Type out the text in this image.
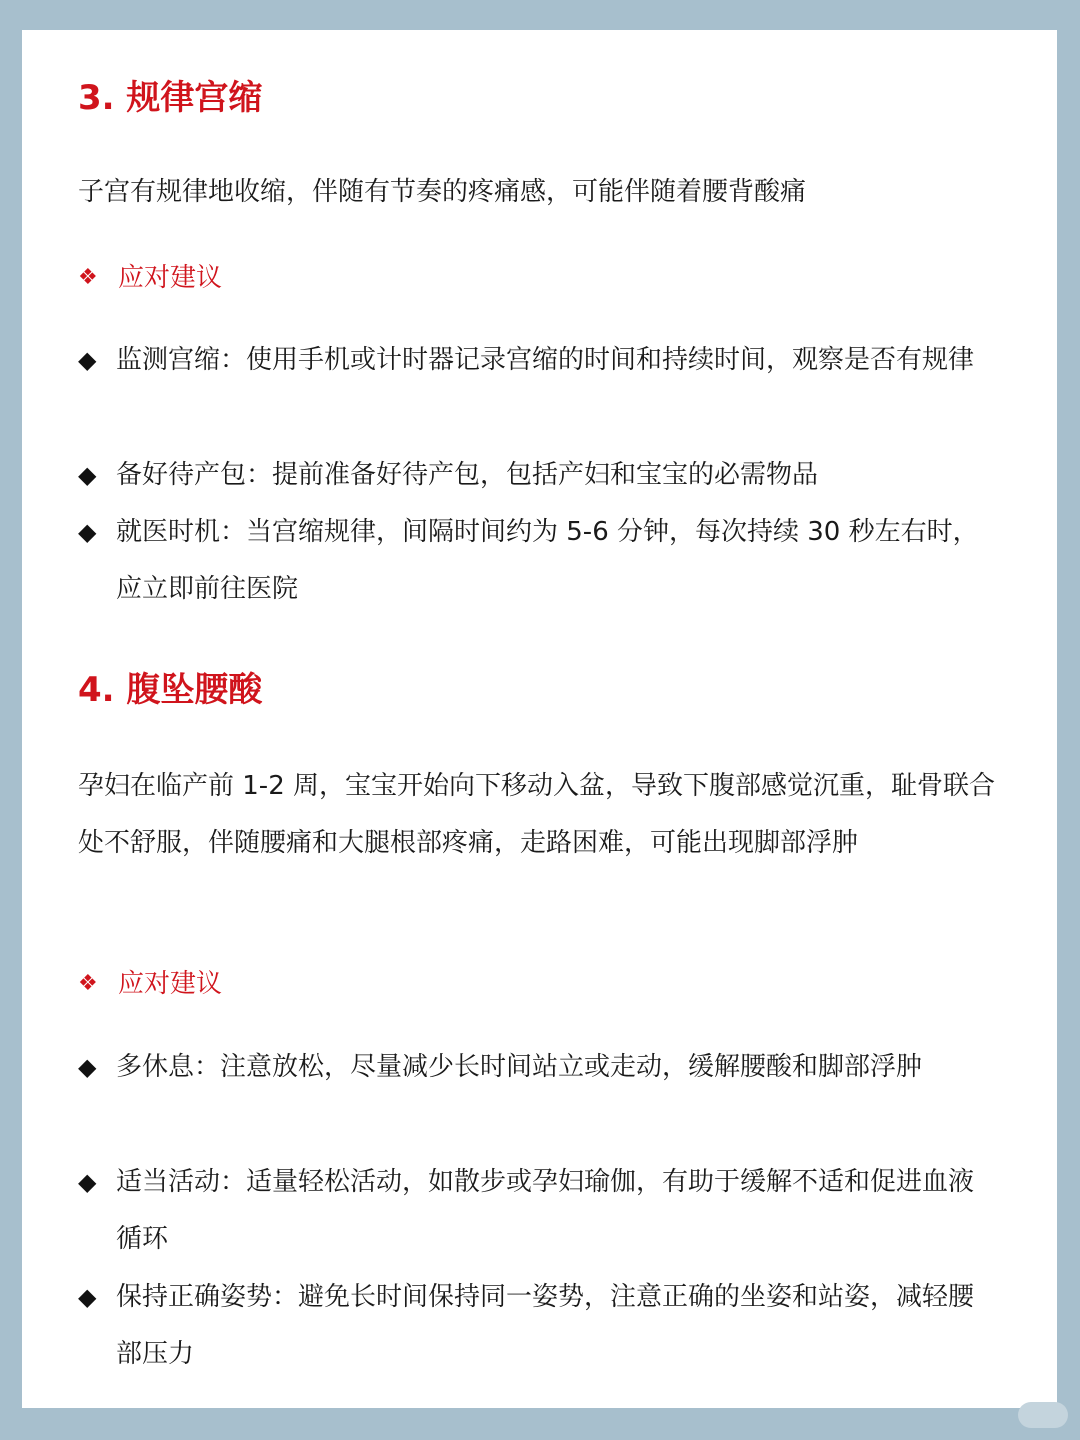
3. 规律宫缩

子宫有规律地收缩，伴随有节奏的疼痛感，可能伴随着腰背酸痛

❖ 应对建议
◆ 监测宫缩：使用手机或计时器记录宫缩的时间和持续时间，观察是否有规律
◆ 备好待产包：提前准备好待产包，包括产妇和宝宝的必需物品
◆ 就医时机：当宫缩规律，间隔时间约为 5-6 分钟，每次持续 30 秒左右时，应立即前往医院
4. 腹坠腰酸

孕妇在临产前 1-2 周，宝宝开始向下移动入盆，导致下腹部感觉沉重，耻骨联合处不舒服，伴随腰痛和大腿根部疼痛，走路困难，可能出现脚部浮肿

❖ 应对建议
◆ 多休息：注意放松，尽量减少长时间站立或走动，缓解腰酸和脚部浮肿
◆ 适当活动：适量轻松活动，如散步或孕妇瑜伽，有助于缓解不适和促进血液循环
◆ 保持正确姿势：避免长时间保持同一姿势，注意正确的坐姿和站姿，减轻腰部压力
